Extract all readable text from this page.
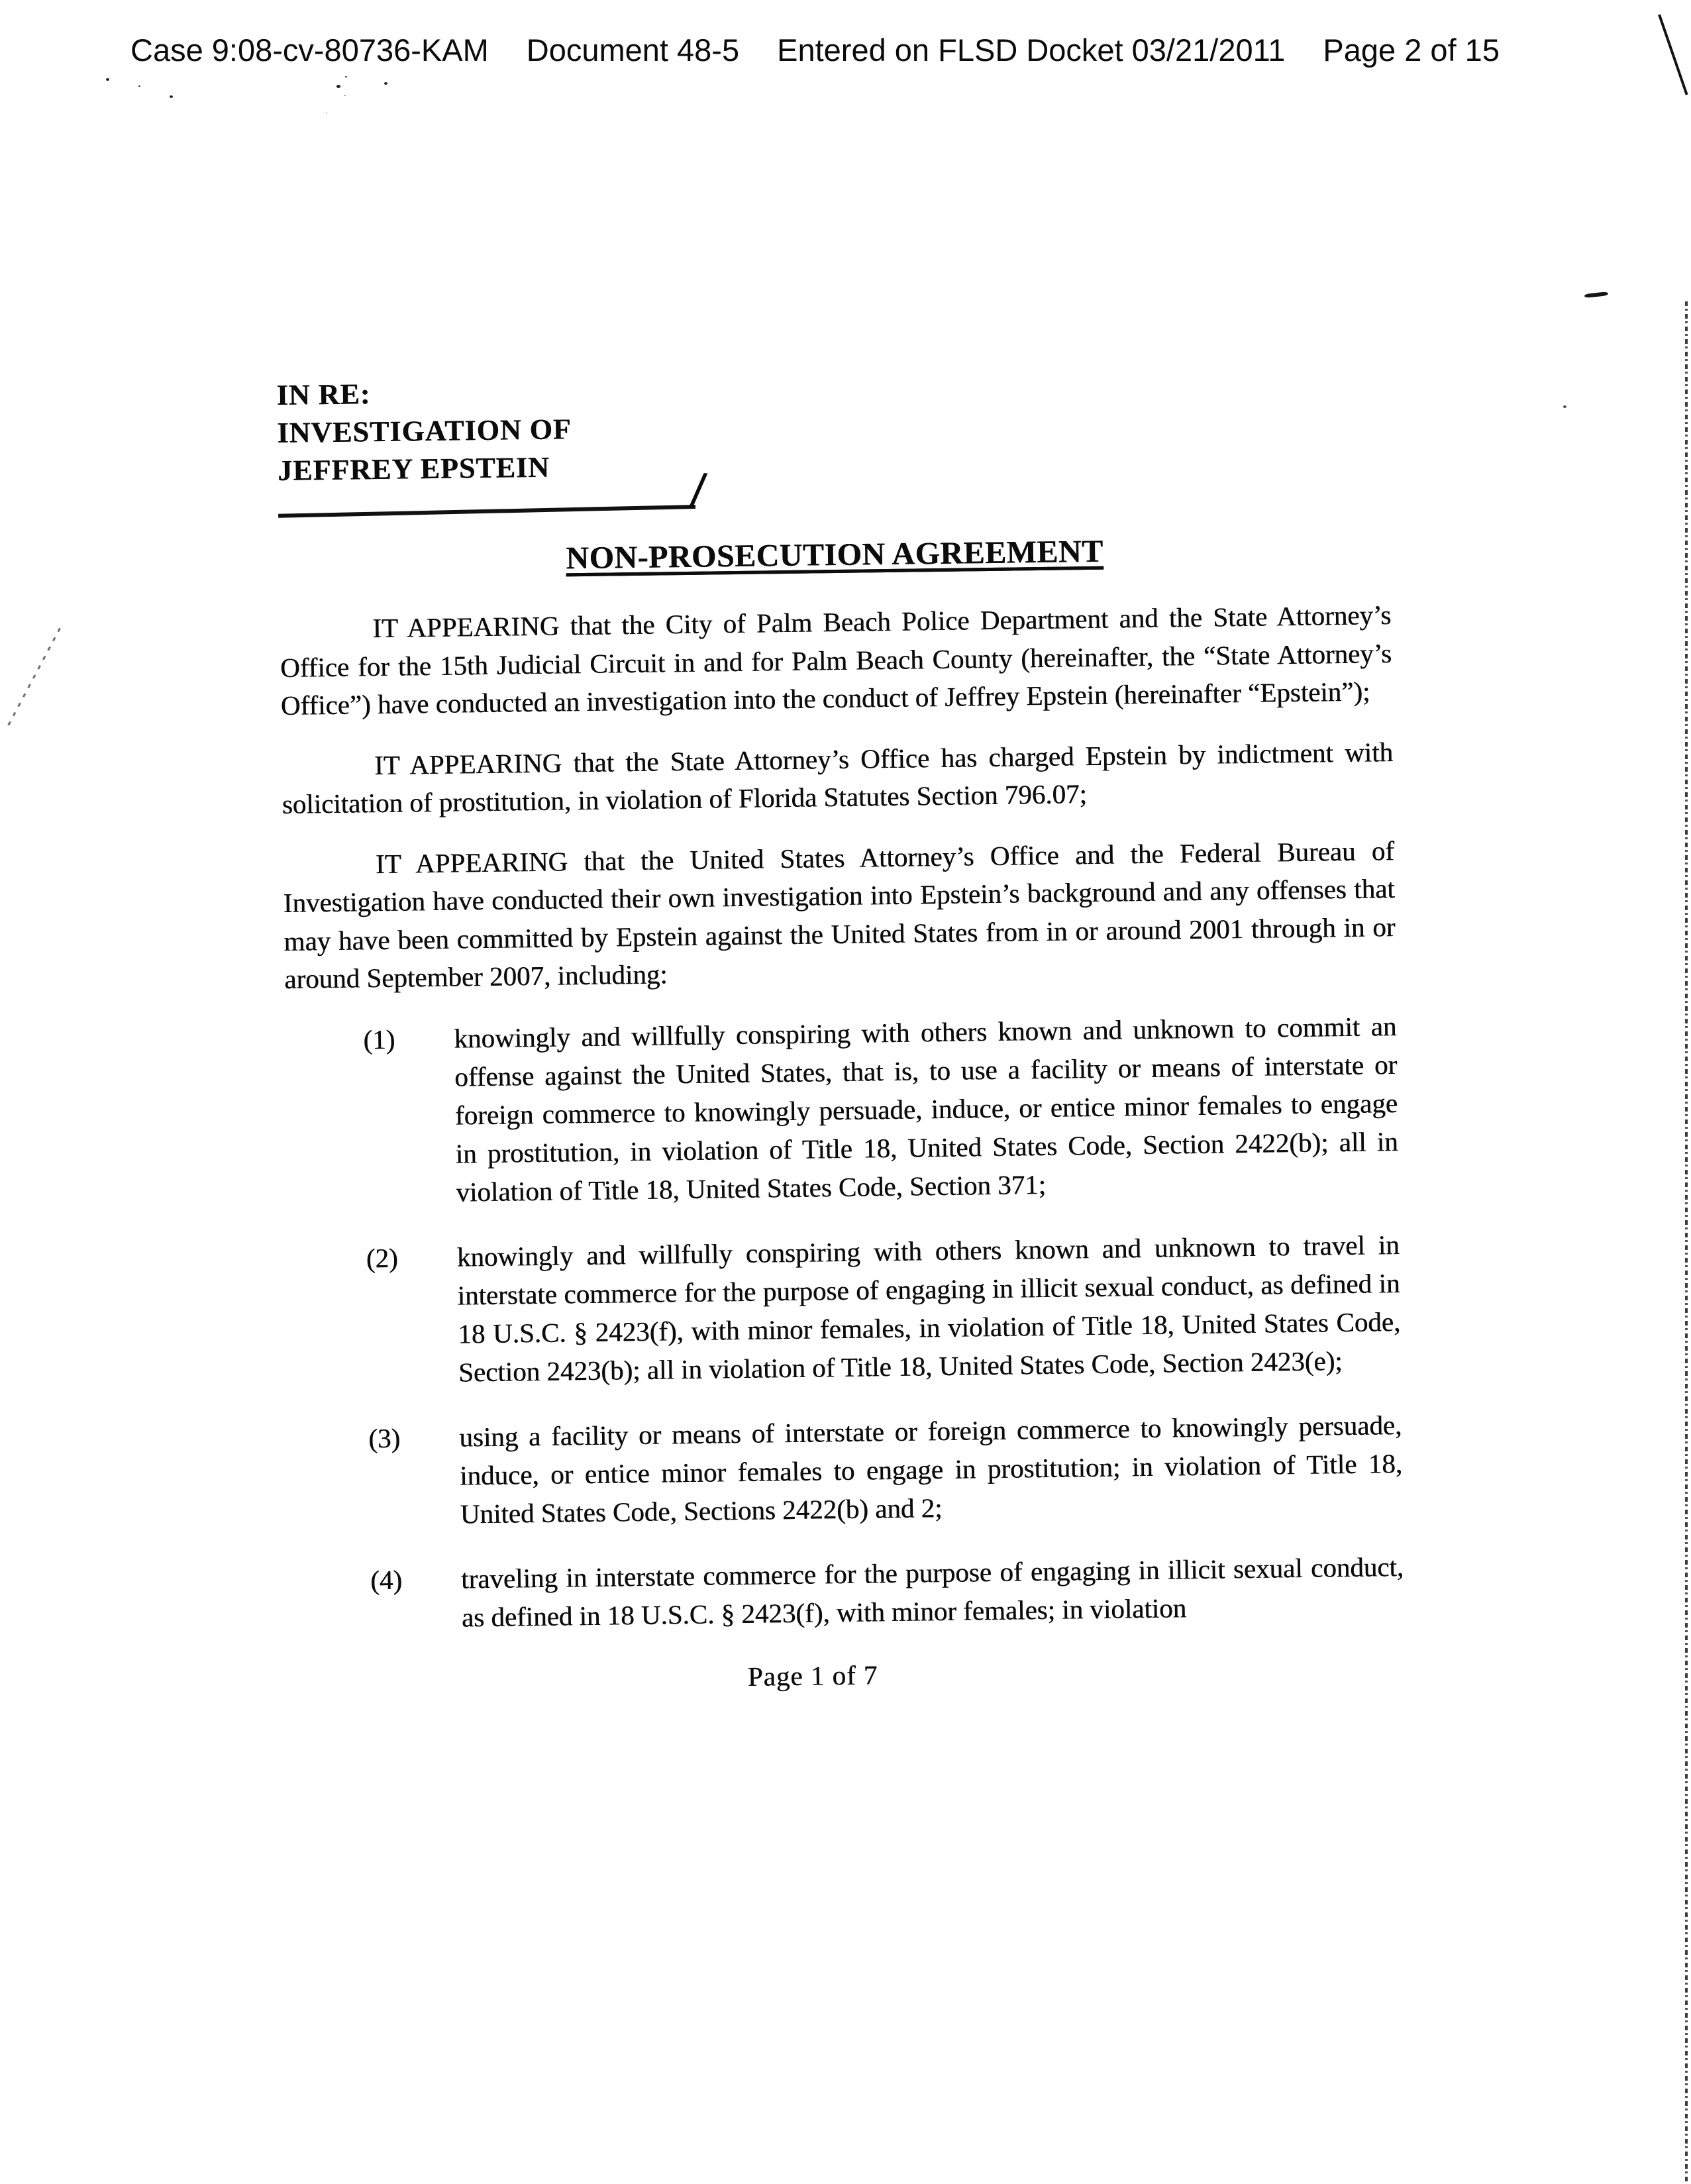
Case 9:08-cv-80736-KAM Document 48-5 Entered on FLSD Docket 03/21/2011 Page 2 of 15
IN RE:
INVESTIGATION OF
JEFFREY EPSTEIN	/
NON-PROSECUTION AGREEMENT

IT APPEARING that the City of Palm Beach Police Department and the State Attorney’s Office for the 15th Judicial Circuit in and for Palm Beach County (hereinafter, the “State Attorney’s Office”) have conducted an investigation into the conduct of Jeffrey Epstein (hereinafter “Epstein”);

IT APPEARING that the State Attorney’s Office has charged Epstein by indictment with solicitation of prostitution, in violation of Florida Statutes Section 796.07;

IT APPEARING that the United States Attorney’s Office and the Federal Bureau of Investigation have conducted their own investigation into Epstein’s background and any offenses that may have been committed by Epstein against the United States from in or around 2001 through in or around September 2007, including:

(1)	knowingly and willfully conspiring with others known and unknown to commit an offense against the United States, that is, to use a facility or means of interstate or foreign commerce to knowingly persuade, induce, or entice minor females to engage in prostitution, in violation of Title 18, United States Code, Section 2422(b); all in violation of Title 18, United States Code, Section 371;
(2)	knowingly and willfully conspiring with others known and unknown to travel in interstate commerce for the purpose of engaging in illicit sexual conduct, as defined in 18 U.S.C. § 2423(f), with minor females, in violation of Title 18, United States Code, Section 2423(b); all in violation of Title 18, United States Code, Section 2423(e);
(3)	using a facility or means of interstate or foreign commerce to knowingly persuade, induce, or entice minor females to engage in prostitution; in violation of Title 18, United States Code, Sections 2422(b) and 2;
(4)	traveling in interstate commerce for the purpose of engaging in illicit sexual conduct, as defined in 18 U.S.C. § 2423(f), with minor females; in violation
Page 1 of 7
